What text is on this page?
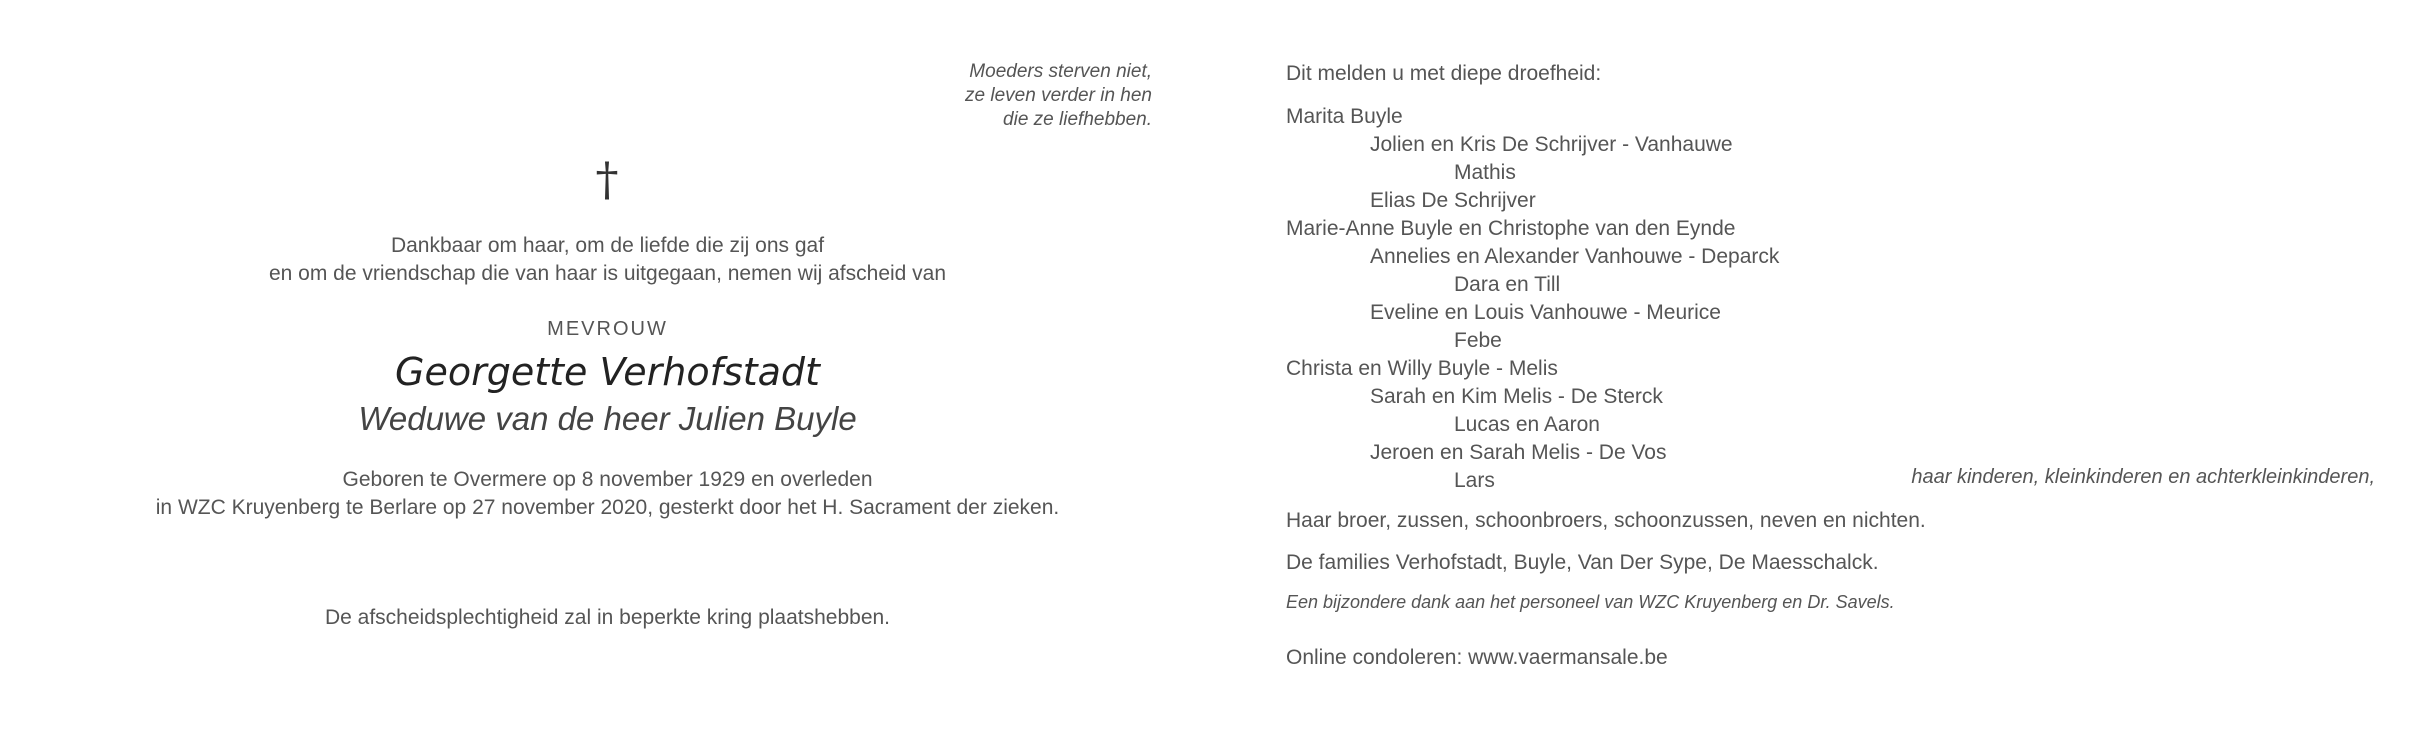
Moeders sterven niet,
ze leven verder in hen
die ze liefhebben.
†
Dankbaar om haar, om de liefde die zij ons gaf
en om de vriendschap die van haar is uitgegaan, nemen wij afscheid van
MEVROUW
Georgette Verhofstadt
Weduwe van de heer Julien Buyle
Geboren te Overmere op 8 november 1929 en overleden
in WZC Kruyenberg te Berlare op 27 november 2020, gesterkt door het H. Sacrament der zieken.
De afscheidsplechtigheid zal in beperkte kring plaatshebben.
Dit melden u met diepe droefheid:
Marita Buyle
Jolien en Kris De Schrijver - Vanhauwe
Mathis
Elias De Schrijver
Marie-Anne Buyle en Christophe van den Eynde
Annelies en Alexander Vanhouwe - Deparck
Dara en Till
Eveline en Louis Vanhouwe - Meurice
Febe
Christa en Willy Buyle - Melis
Sarah en Kim Melis - De Sterck
Lucas en Aaron
Jeroen en Sarah Melis - De Vos
Lars	haar kinderen, kleinkinderen en achterkleinkinderen,
Haar broer, zussen, schoonbroers, schoonzussen, neven en nichten.
De families Verhofstadt, Buyle, Van Der Sype, De Maesschalck.
Een bijzondere dank aan het personeel van WZC Kruyenberg en Dr. Savels.
Online condoleren: www.vaermansale.be
